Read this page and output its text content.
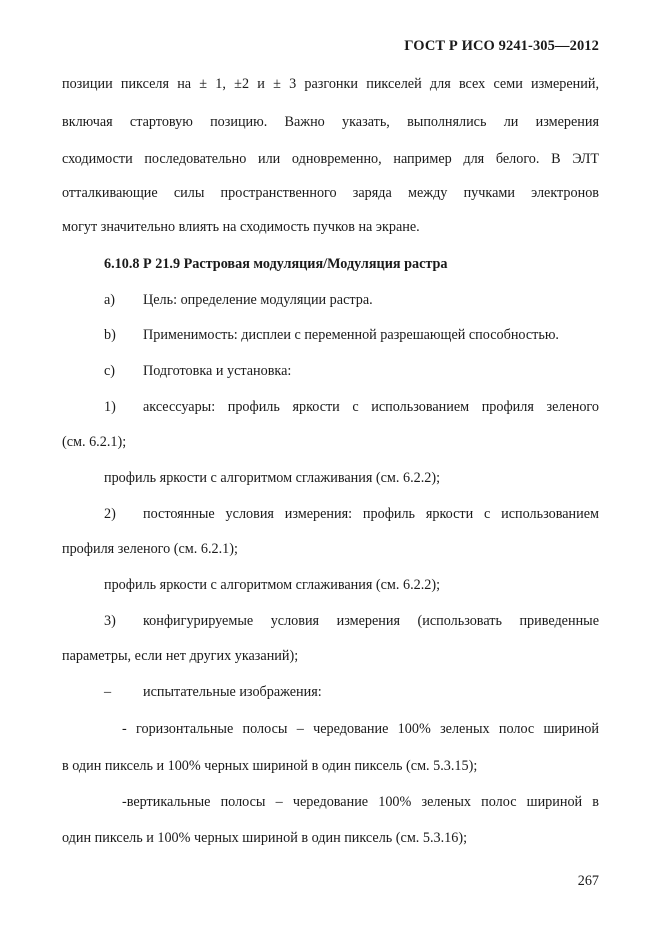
ГОСТ Р ИСО 9241-305—2012
позиции пикселя на ± 1, ±2 и ± 3 разгонки пикселей для всех семи измерений,
включая стартовую позицию. Важно указать, выполнялись ли измерения
сходимости последовательно или одновременно, например для белого. В ЭЛТ
отталкивающие силы пространственного заряда между пучками электронов
могут значительно влиять на сходимость пучков на экране.
6.10.8 Р 21.9 Растровая модуляция/Модуляция растра
a) Цель: определение модуляции растра.
b) Применимость: дисплеи с переменной разрешающей способностью.
c) Подготовка и установка:
1) аксессуары: профиль яркости с использованием профиля зеленого
(см. 6.2.1);
профиль яркости с алгоритмом сглаживания (см. 6.2.2);
2) постоянные условия измерения: профиль яркости с использованием
профиля зеленого (см. 6.2.1);
профиль яркости с алгоритмом сглаживания (см. 6.2.2);
3) конфигурируемые условия измерения (использовать приведенные
параметры, если нет других указаний);
– испытательные изображения:
- горизонтальные полосы – чередование 100% зеленых полос шириной
в один пиксель и 100% черных шириной в один пиксель (см. 5.3.15);
-вертикальные полосы – чередование 100% зеленых полос шириной в
один пиксель и 100% черных шириной в один пиксель (см. 5.3.16);
267
